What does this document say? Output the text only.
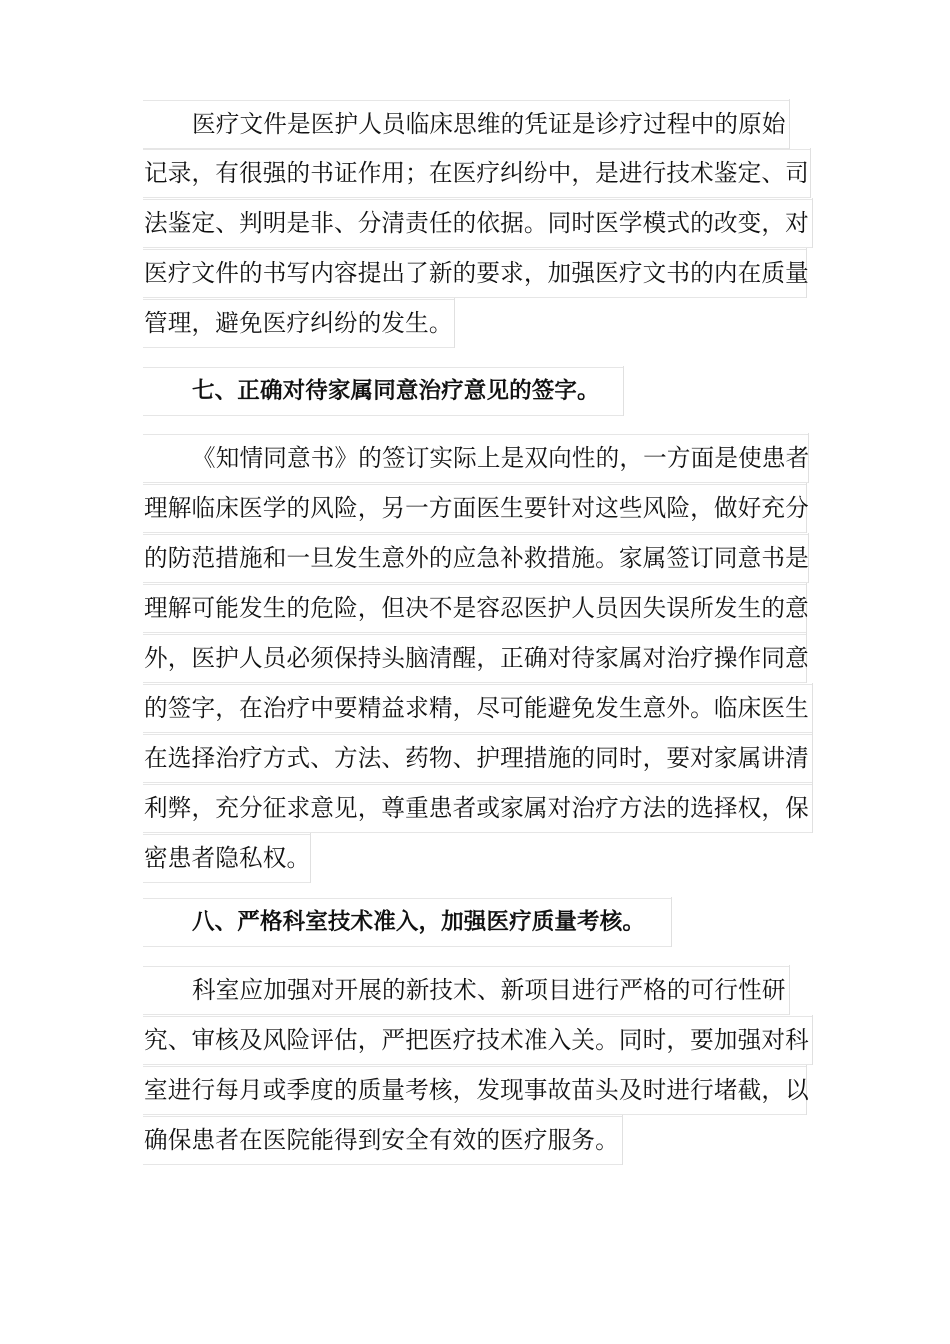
医疗文件是医护人员临床思维的凭证是诊疗过程中的原始
记录，有很强的书证作用；在医疗纠纷中，是进行技术鉴定、司
法鉴定、判明是非、分清责任的依据。同时医学模式的改变，对
医疗文件的书写内容提出了新的要求，加强医疗文书的内在质量
管理，避免医疗纠纷的发生。
七、正确对待家属同意治疗意见的签字。
《知情同意书》的签订实际上是双向性的，一方面是使患者
理解临床医学的风险，另一方面医生要针对这些风险，做好充分
的防范措施和一旦发生意外的应急补救措施。家属签订同意书是
理解可能发生的危险，但决不是容忍医护人员因失误所发生的意
外，医护人员必须保持头脑清醒，正确对待家属对治疗操作同意
的签字，在治疗中要精益求精，尽可能避免发生意外。临床医生
在选择治疗方式、方法、药物、护理措施的同时，要对家属讲清
利弊，充分征求意见，尊重患者或家属对治疗方法的选择权，保
密患者隐私权。
八、严格科室技术准入，加强医疗质量考核。
科室应加强对开展的新技术、新项目进行严格的可行性研
究、审核及风险评估，严把医疗技术准入关。同时，要加强对科
室进行每月或季度的质量考核，发现事故苗头及时进行堵截，以
确保患者在医院能得到安全有效的医疗服务。
